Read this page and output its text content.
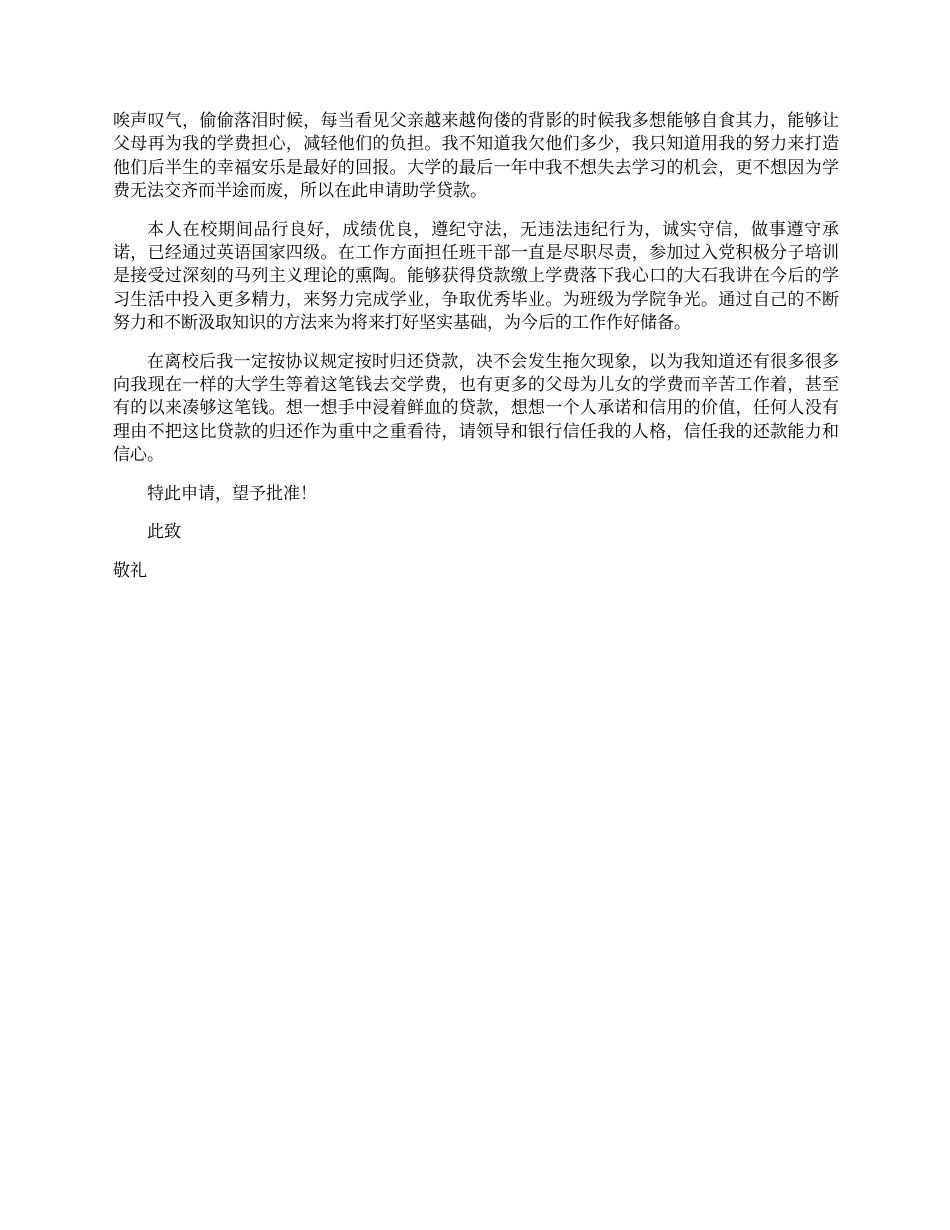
唉声叹气，偷偷落泪时候，每当看见父亲越来越佝偻的背影的时候我多想能够自食其力，能够让父母再为我的学费担心，减轻他们的负担。我不知道我欠他们多少，我只知道用我的努力来打造他们后半生的幸福安乐是最好的回报。大学的最后一年中我不想失去学习的机会，更不想因为学费无法交齐而半途而废，所以在此申请助学贷款。

本人在校期间品行良好，成绩优良，遵纪守法，无违法违纪行为，诚实守信，做事遵守承诺，已经通过英语国家四级。在工作方面担任班干部一直是尽职尽责，参加过入党积极分子培训是接受过深刻的马列主义理论的熏陶。能够获得贷款缴上学费落下我心口的大石我讲在今后的学习生活中投入更多精力，来努力完成学业，争取优秀毕业。为班级为学院争光。通过自己的不断努力和不断汲取知识的方法来为将来打好坚实基础，为今后的工作作好储备。

在离校后我一定按协议规定按时归还贷款，决不会发生拖欠现象，以为我知道还有很多很多向我现在一样的大学生等着这笔钱去交学费，也有更多的父母为儿女的学费而辛苦工作着，甚至有的以来凑够这笔钱。想一想手中浸着鲜血的贷款，想想一个人承诺和信用的价值，任何人没有理由不把这比贷款的归还作为重中之重看待，请领导和银行信任我的人格，信任我的还款能力和信心。

特此申请，望予批准！

此致

敬礼
